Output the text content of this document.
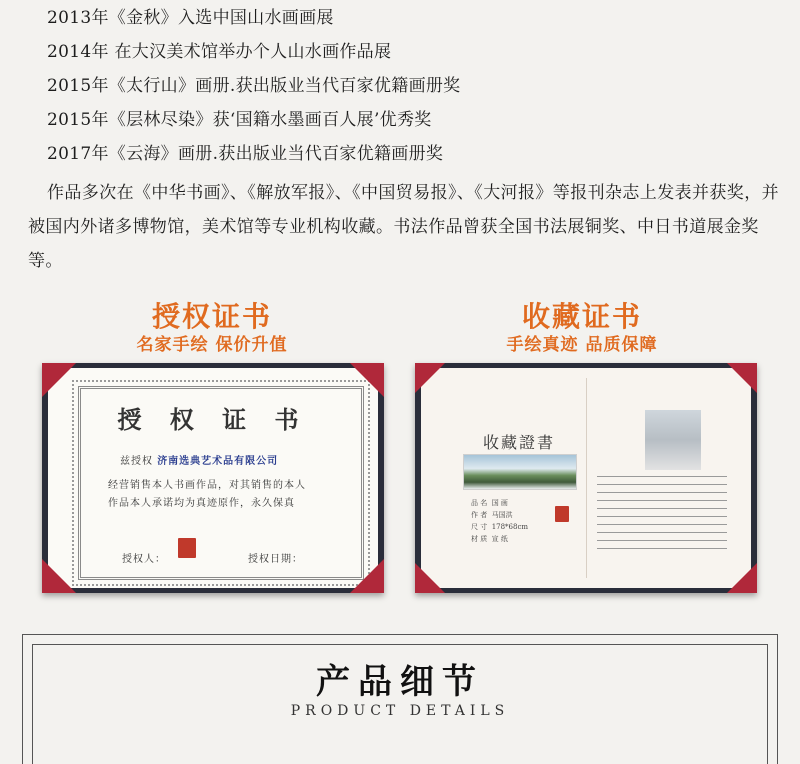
2013年《金秋》入选中国山水画画展
2014年 在大汉美术馆举办个人山水画作品展
2015年《太行山》画册.获出版业当代百家优籍画册奖
2015年《层林尽染》获‘国籍水墨画百人展’优秀奖
2017年《云海》画册.获出版业当代百家优籍画册奖
作品多次在《中华书画》、《解放军报》、《中国贸易报》、《大河报》等报刊杂志上发表并获奖，并被国内外诸多博物馆，美术馆等专业机构收藏。书法作品曾获全国书法展铜奖、中日书道展金奖等。
授权证书
名家手绘 保价升值
收藏证书
手绘真迹 品质保障
授 权 证 书
兹授权 济南选典艺术品有限公司
经营销售本人书画作品，对其销售的本人
作品本人承诺均为真迹原作，永久保真
授权人：	授权日期：
收藏證書
品 名 国 画
作 者 马国洪
尺 寸 178*68cm
材 质 宣 纸
产品细节
PRODUCT DETAILS
